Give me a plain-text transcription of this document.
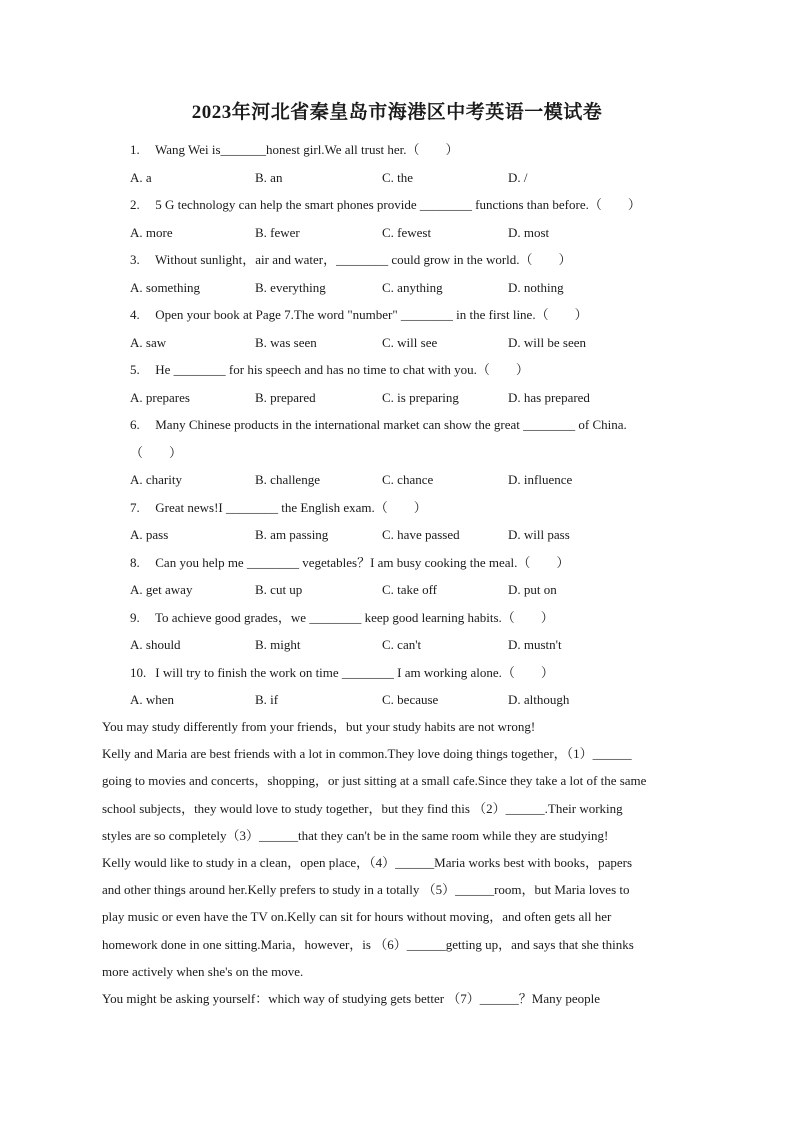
2023年河北省秦皇岛市海港区中考英语一模试卷
1. Wang Wei is_______honest girl.We all trust her.（　　）
A. a	B. an	C. the	D. /
2. 5 G technology can help the smart phones provide ________ functions than before.（　　）
A. more	B. fewer	C. fewest	D. most
3. Without sunlight，air and water，________ could grow in the world.（　　）
A. something	B. everything	C. anything	D. nothing
4. Open your book at Page 7.The word "number" ________ in the first line.（　　）
A. saw	B. was seen	C. will see	D. will be seen
5. He ________ for his speech and has no time to chat with you.（　　）
A. prepares	B. prepared	C. is preparing	D. has prepared
6. Many Chinese products in the international market can show the great ________ of China.
（　　）
A. charity	B. challenge	C. chance	D. influence
7. Great news!I ________ the English exam.（　　）
A. pass	B. am passing	C. have passed	D. will pass
8. Can you help me ________ vegetables？I am busy cooking the meal.（　　）
A. get away	B. cut up	C. take off	D. put on
9. To achieve good grades，we ________ keep good learning habits.（　　）
A. should	B. might	C. can't	D. mustn't
10. I will try to finish the work on time ________ I am working alone.（　　）
A. when	B. if	C. because	D. although
You may study differently from your friends，but your study habits are not wrong!
Kelly and Maria are best friends with a lot in common.They love doing things together，（1）______
going to movies and concerts，shopping，or just sitting at a small cafe.Since they take a lot of the same
school subjects，they would love to study together，but they find this （2）______.Their working
styles are so completely（3）______that they can't be in the same room while they are studying!
Kelly would like to study in a clean，open place，（4）______Maria works best with books，papers
and other things around her.Kelly prefers to study in a totally （5）______room，but Maria loves to
play music or even have the TV on.Kelly can sit for hours without moving，and often gets all her
homework done in one sitting.Maria，however，is （6）______getting up，and says that she thinks
more actively when she's on the move.
You might be asking yourself：which way of studying gets better （7）______？Many people
